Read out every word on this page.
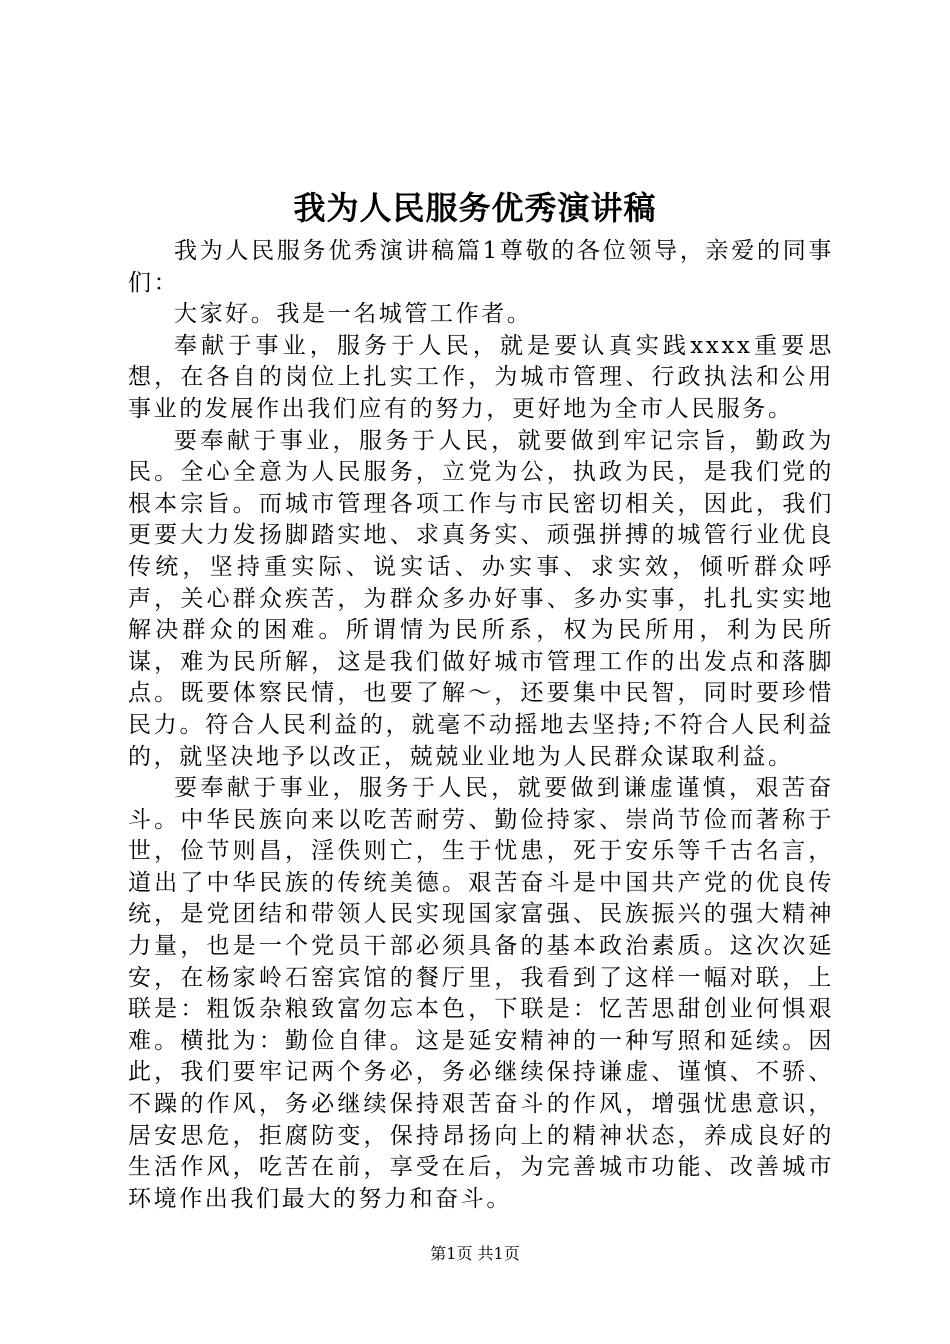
我为人民服务优秀演讲稿

我为人民服务优秀演讲稿篇1尊敬的各位领导，亲爱的同事们：

大家好。我是一名城管工作者。

奉献于事业，服务于人民，就是要认真实践xxxx重要思想，在各自的岗位上扎实工作，为城市管理、行政执法和公用事业的发展作出我们应有的努力，更好地为全市人民服务。

要奉献于事业，服务于人民，就要做到牢记宗旨，勤政为民。全心全意为人民服务，立党为公，执政为民，是我们党的根本宗旨。而城市管理各项工作与市民密切相关，因此，我们更要大力发扬脚踏实地、求真务实、顽强拼搏的城管行业优良传统，坚持重实际、说实话、办实事、求实效，倾听群众呼声，关心群众疾苦，为群众多办好事、多办实事，扎扎实实地解决群众的困难。所谓情为民所系，权为民所用，利为民所谋，难为民所解，这是我们做好城市管理工作的出发点和落脚点。既要体察民情，也要了解～，还要集中民智，同时要珍惜民力。符合人民利益的，就毫不动摇地去坚持;不符合人民利益的，就坚决地予以改正，兢兢业业地为人民群众谋取利益。

要奉献于事业，服务于人民，就要做到谦虚谨慎，艰苦奋斗。中华民族向来以吃苦耐劳、勤俭持家、崇尚节俭而著称于世，俭节则昌，淫佚则亡，生于忧患，死于安乐等千古名言，道出了中华民族的传统美德。艰苦奋斗是中国共产党的优良传统，是党团结和带领人民实现国家富强、民族振兴的强大精神力量，也是一个党员干部必须具备的基本政治素质。这次次延安，在杨家岭石窑宾馆的餐厅里，我看到了这样一幅对联，上联是：粗饭杂粮致富勿忘本色，下联是：忆苦思甜创业何惧艰难。横批为：勤俭自律。这是延安精神的一种写照和延续。因此，我们要牢记两个务必，务必继续保持谦虚、谨慎、不骄、不躁的作风，务必继续保持艰苦奋斗的作风，增强忧患意识，居安思危，拒腐防变，保持昂扬向上的精神状态，养成良好的生活作风，吃苦在前，享受在后，为完善城市功能、改善城市环境作出我们最大的努力和奋斗。

第1页 共1页
